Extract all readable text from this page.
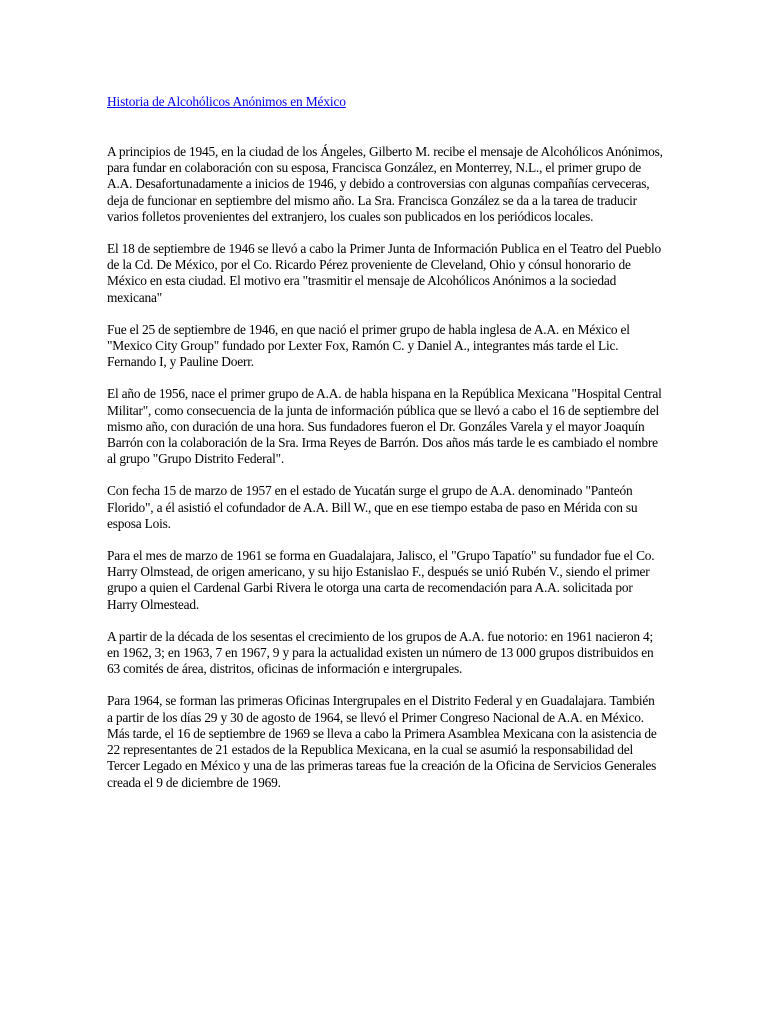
Historia de Alcohólicos Anónimos en México

A principios de 1945, en la ciudad de los Ángeles, Gilberto M. recibe el mensaje de Alcohólicos Anónimos, para fundar en colaboración con su esposa, Francisca González, en Monterrey, N.L., el primer grupo de A.A. Desafortunadamente a inicios de 1946, y debido a controversias con algunas compañías cerveceras, deja de funcionar en septiembre del mismo año. La Sra. Francisca González se da a la tarea de traducir varios folletos provenientes del extranjero, los cuales son publicados en los periódicos locales.

El 18 de septiembre de 1946 se llevó a cabo la Primer Junta de Información Publica en el Teatro del Pueblo de la Cd. De México, por el Co. Ricardo Pérez proveniente de Cleveland, Ohio y cónsul honorario de México en esta ciudad. El motivo era "trasmitir el mensaje de Alcohólicos Anónimos a la sociedad mexicana"

Fue el 25 de septiembre de 1946, en que nació el primer grupo de habla inglesa de A.A. en México el "Mexico City Group" fundado por Lexter Fox, Ramón C. y Daniel A., integrantes más tarde el Lic. Fernando I, y Pauline Doerr.

El año de 1956, nace el primer grupo de A.A. de habla hispana en la República Mexicana "Hospital Central Militar", como consecuencia de la junta de información pública que se llevó a cabo el 16 de septiembre del mismo año, con duración de una hora. Sus fundadores fueron el Dr. Gonzáles Varela y el mayor Joaquín Barrón con la colaboración de la Sra. Irma Reyes de Barrón. Dos años más tarde le es cambiado el nombre al grupo "Grupo Distrito Federal".

Con fecha 15 de marzo de 1957 en el estado de Yucatán surge el grupo de A.A. denominado "Panteón Florido", a él asistió el cofundador de A.A. Bill W., que en ese tiempo estaba de paso en Mérida con su esposa Lois.

Para el mes de marzo de 1961 se forma en Guadalajara, Jalisco, el "Grupo Tapatío" su fundador fue el Co. Harry Olmstead, de origen americano, y su hijo Estanislao F., después se unió Rubén V., siendo el primer grupo a quien el Cardenal Garbi Rivera le otorga una carta de recomendación para A.A. solicitada por Harry Olmestead.

A partir de la década de los sesentas el crecimiento de los grupos de A.A. fue notorio: en 1961 nacieron 4; en 1962, 3; en 1963, 7 en 1967, 9 y para la actualidad existen un número de 13 000 grupos distribuidos en 63 comités de área, distritos, oficinas de información e intergrupales.

Para 1964, se forman las primeras Oficinas Intergrupales en el Distrito Federal y en Guadalajara. También a partir de los días 29 y 30 de agosto de 1964, se llevó el Primer Congreso Nacional de A.A. en México. Más tarde, el 16 de septiembre de 1969 se lleva a cabo la Primera Asamblea Mexicana con la asistencia de 22 representantes de 21 estados de la Republica Mexicana, en la cual se asumió la responsabilidad del Tercer Legado en México y una de las primeras tareas fue la creación de la Oficina de Servicios Generales creada el 9 de diciembre de 1969.
